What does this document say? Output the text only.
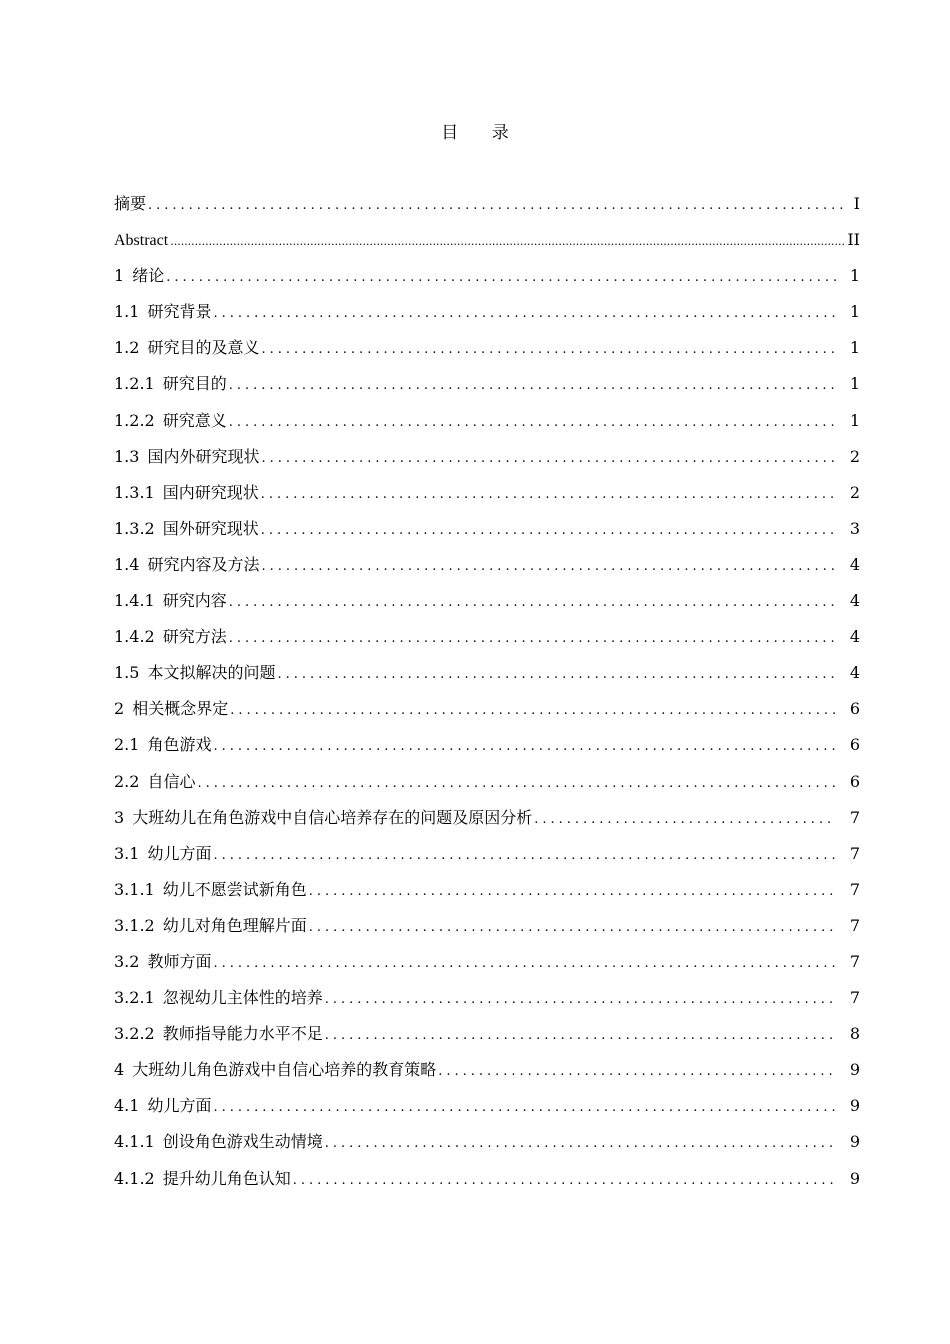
目 录
摘要 .....	I
Abstract .....	II
1 绪论 .....	1
1.1 研究背景 .....	1
1.2 研究目的及意义 .....	1
1.2.1 研究目的 .....	1
1.2.2 研究意义 .....	1
1.3 国内外研究现状 .....	2
1.3.1 国内研究现状 .....	2
1.3.2 国外研究现状 .....	3
1.4 研究内容及方法 .....	4
1.4.1 研究内容 .....	4
1.4.2 研究方法 .....	4
1.5 本文拟解决的问题 .....	4
2 相关概念界定 .....	6
2.1 角色游戏 .....	6
2.2 自信心 .....	6
3 大班幼儿在角色游戏中自信心培养存在的问题及原因分析 .....	7
3.1 幼儿方面 .....	7
3.1.1 幼儿不愿尝试新角色 .....	7
3.1.2 幼儿对角色理解片面 .....	7
3.2 教师方面 .....	7
3.2.1 忽视幼儿主体性的培养 .....	7
3.2.2 教师指导能力水平不足 .....	8
4 大班幼儿角色游戏中自信心培养的教育策略 .....	9
4.1 幼儿方面 .....	9
4.1.1 创设角色游戏生动情境 .....	9
4.1.2 提升幼儿角色认知 .....	9
